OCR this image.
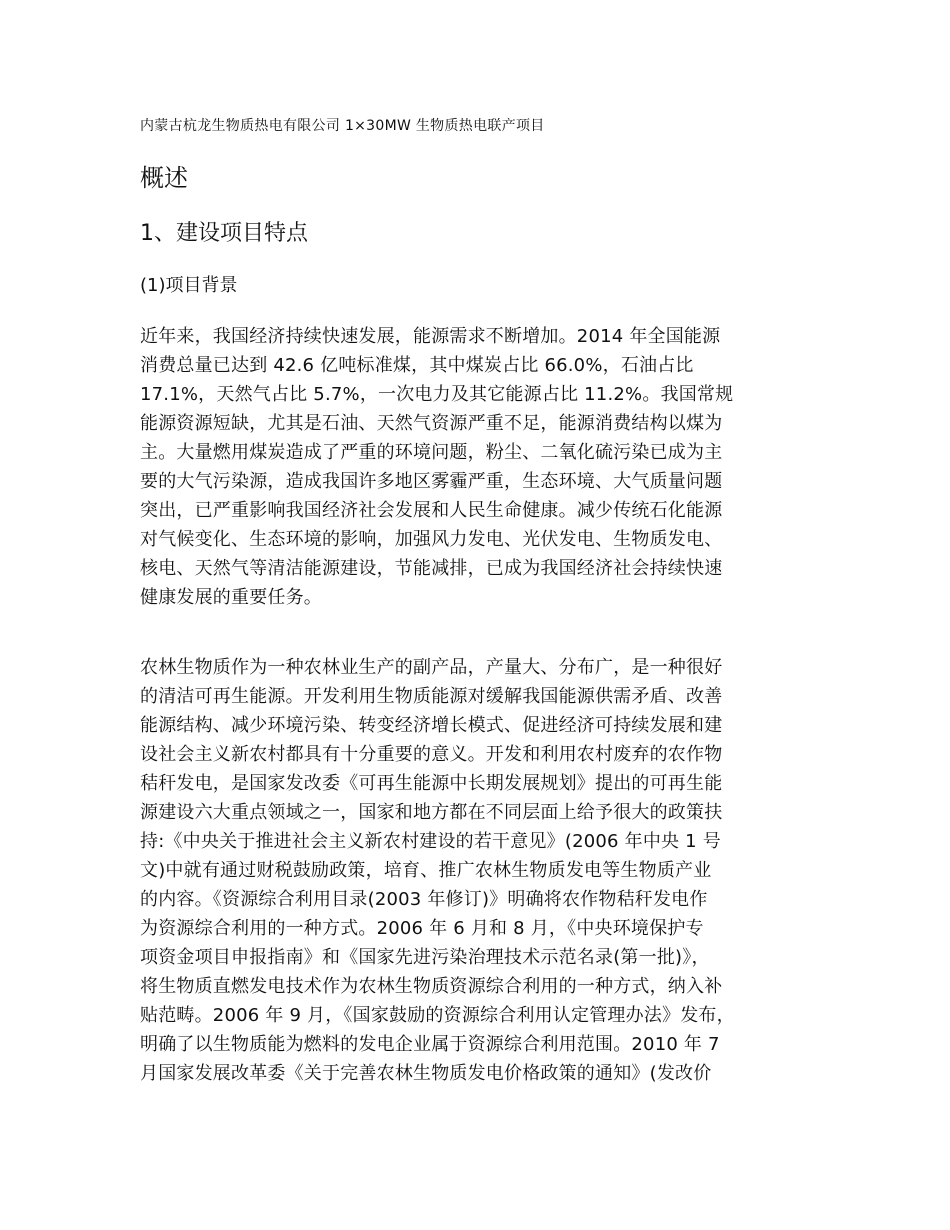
内蒙古杭龙生物质热电有限公司 1×30MW 生物质热电联产项目
概述
1、建设项目特点
(1)项目背景
近年来，我国经济持续快速发展，能源需求不断增加。2014 年全国能源
消费总量已达到 42.6 亿吨标准煤，其中煤炭占比 66.0%，石油占比
17.1%，天然气占比 5.7%，一次电力及其它能源占比 11.2%。我国常规
能源资源短缺，尤其是石油、天然气资源严重不足，能源消费结构以煤为
主。大量燃用煤炭造成了严重的环境问题，粉尘、二氧化硫污染已成为主
要的大气污染源，造成我国许多地区雾霾严重，生态环境、大气质量问题
突出，已严重影响我国经济社会发展和人民生命健康。减少传统石化能源
对气候变化、生态环境的影响，加强风力发电、光伏发电、生物质发电、
核电、天然气等清洁能源建设，节能减排，已成为我国经济社会持续快速
健康发展的重要任务。
农林生物质作为一种农林业生产的副产品，产量大、分布广，是一种很好
的清洁可再生能源。开发利用生物质能源对缓解我国能源供需矛盾、改善
能源结构、减少环境污染、转变经济增长模式、促进经济可持续发展和建
设社会主义新农村都具有十分重要的意义。开发和利用农村废弃的农作物
秸秆发电，是国家发改委《可再生能源中长期发展规划》提出的可再生能
源建设六大重点领域之一，国家和地方都在不同层面上给予很大的政策扶
持:《中央关于推进社会主义新农村建设的若干意见》(2006 年中央 1 号
文)中就有通过财税鼓励政策，培育、推广农林生物质发电等生物质产业
的内容。《资源综合利用目录(2003 年修订)》明确将农作物秸秆发电作
为资源综合利用的一种方式。2006 年 6 月和 8 月，《中央环境保护专
项资金项目申报指南》和《国家先进污染治理技术示范名录(第一批)》，
将生物质直燃发电技术作为农林生物质资源综合利用的一种方式，纳入补
贴范畴。2006 年 9 月，《国家鼓励的资源综合利用认定管理办法》发布，
明确了以生物质能为燃料的发电企业属于资源综合利用范围。2010 年 7
月国家发展改革委《关于完善农林生物质发电价格政策的通知》(发改价
